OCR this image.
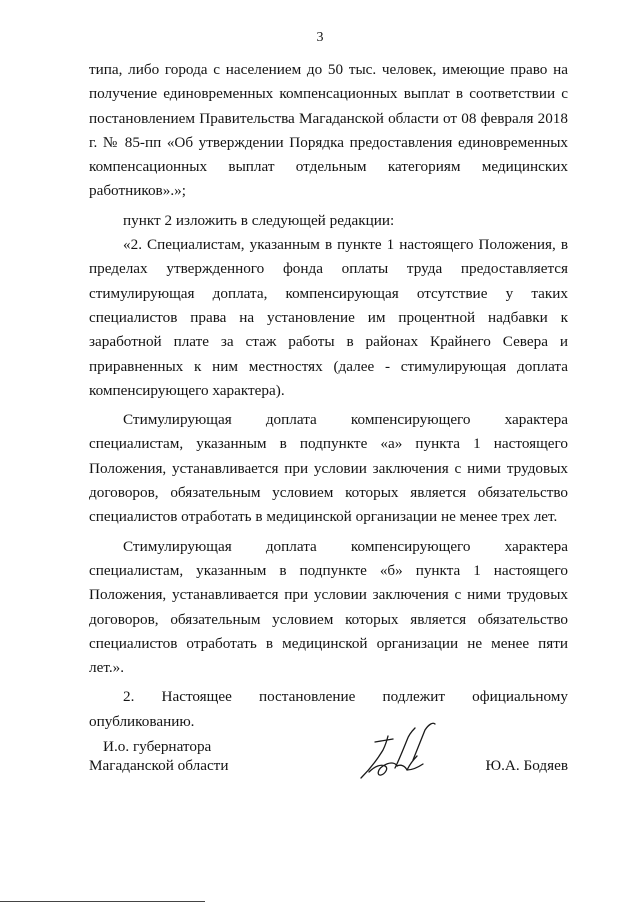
3

типа, либо города с населением до 50 тыс. человек, имеющие право на получение единовременных компенсационных выплат в соответствии с постановлением Правительства Магаданской области от 08 февраля 2018 г. № 85-пп «Об утверждении Порядка предоставления единовременных компенсационных выплат отдельным категориям медицинских работников».»;

пункт 2 изложить в следующей редакции:

«2. Специалистам, указанным в пункте 1 настоящего Положения, в пределах утвержденного фонда оплаты труда предоставляется стимулирующая доплата, компенсирующая отсутствие у таких специалистов права на установление им процентной надбавки к заработной плате за стаж работы в районах Крайнего Севера и приравненных к ним местностях (далее - стимулирующая доплата компенсирующего характера).

Стимулирующая доплата компенсирующего характера специалистам, указанным в подпункте «а» пункта 1 настоящего Положения, устанавливается при условии заключения с ними трудовых договоров, обязательным условием которых является обязательство специалистов отработать в медицинской организации не менее трех лет.

Стимулирующая доплата компенсирующего характера специалистам, указанным в подпункте «б» пункта 1 настоящего Положения, устанавливается при условии заключения с ними трудовых договоров, обязательным условием которых является обязательство специалистов отработать в медицинской организации не менее пяти лет.».

2. Настоящее постановление подлежит официальному опубликованию.

И.о. губернатора
Магаданской области	Ю.А. Бодяев
